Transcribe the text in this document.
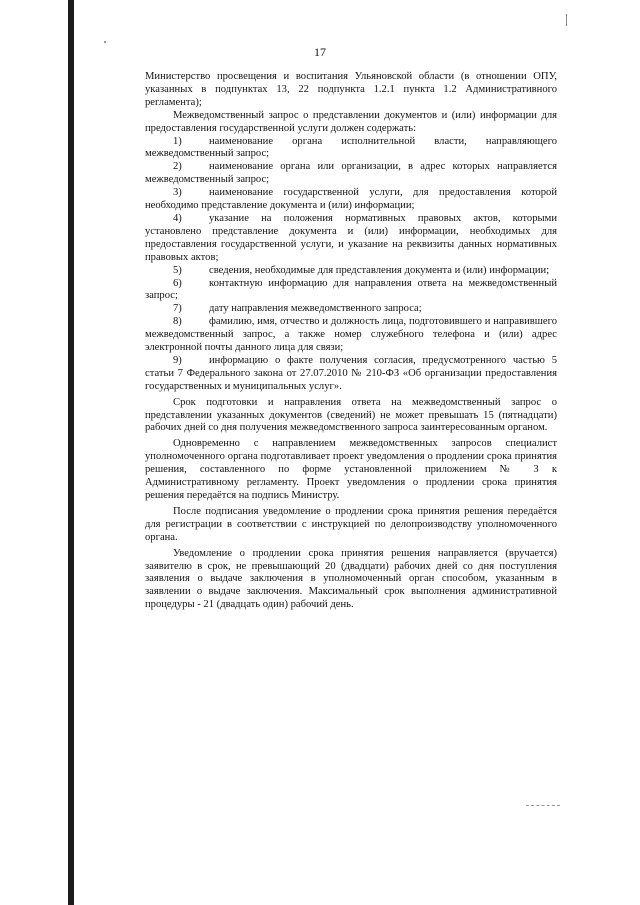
17

Министерство просвещения и воспитания Ульяновской области (в отношении ОПУ, указанных в подпунктах 13, 22 подпункта 1.2.1 пункта 1.2 Административного регламента);

Межведомственный запрос о представлении документов и (или) информации для предоставления государственной услуги должен содержать:

1)	наименование органа исполнительной власти, направляющего межведомственный запрос;

2)	наименование органа или организации, в адрес которых направляется межведомственный запрос;

3)	наименование государственной услуги, для предоставления которой необходимо представление документа и (или) информации;

4)	указание на положения нормативных правовых актов, которыми установлено представление документа и (или) информации, необходимых для предоставления государственной услуги, и указание на реквизиты данных нормативных правовых актов;

5)	сведения, необходимые для представления документа и (или) информации;

6)	контактную информацию для направления ответа на межведомственный запрос;

7)	дату направления межведомственного запроса;

8)	фамилию, имя, отчество и должность лица, подготовившего и направившего межведомственный запрос, а также номер служебного телефона и (или) адрес электронной почты данного лица для связи;

9)	информацию о факте получения согласия, предусмотренного частью 5 статьи 7 Федерального закона от 27.07.2010 № 210-ФЗ «Об организации предоставления государственных и муниципальных услуг».

Срок подготовки и направления ответа на межведомственный запрос о представлении указанных документов (сведений) не может превышать 15 (пятнадцати) рабочих дней со дня получения межведомственного запроса заинтересованным органом.

Одновременно с направлением межведомственных запросов специалист уполномоченного органа подготавливает проект уведомления о продлении срока принятия решения, составленного по форме установленной приложением № 3 к Административному регламенту. Проект уведомления о продлении срока принятия решения передаётся на подпись Министру.

После подписания уведомление о продлении срока принятия решения передаётся для регистрации в соответствии с инструкцией по делопроизводству уполномоченного органа.

Уведомление о продлении срока принятия решения направляется (вручается) заявителю в срок, не превышающий 20 (двадцати) рабочих дней со дня поступления заявления о выдаче заключения в уполномоченный орган способом, указанным в заявлении о выдаче заключения. Максимальный срок выполнения административной процедуры - 21 (двадцать один) рабочий день.
